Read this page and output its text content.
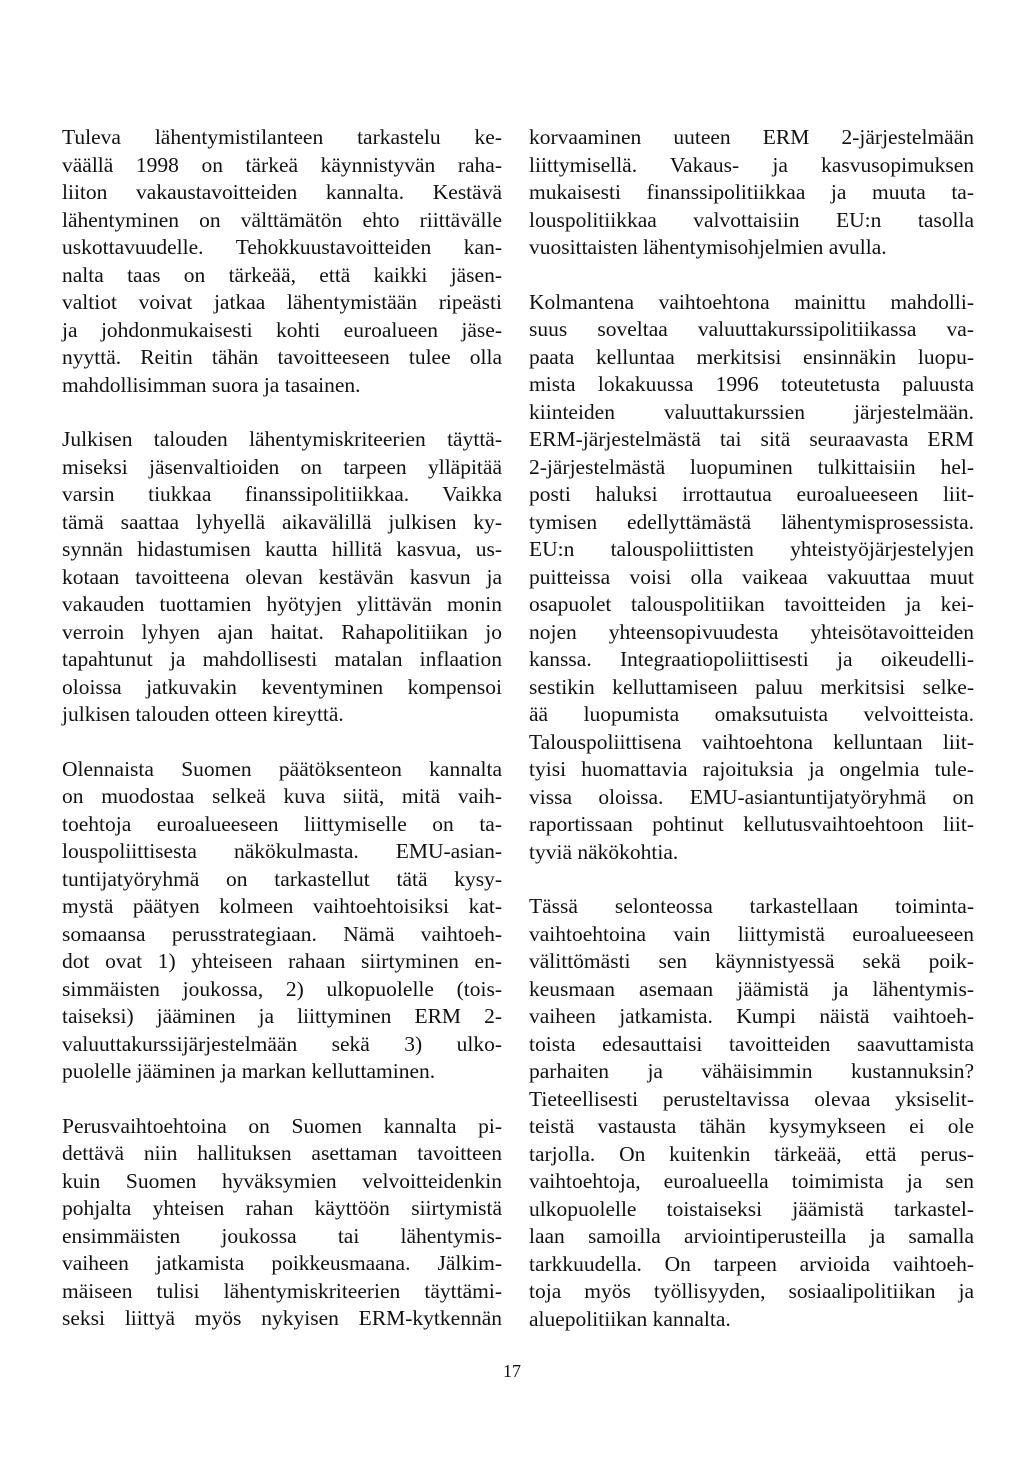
Tuleva lähentymistilanteen tarkastelu ke-
väällä 1998 on tärkeä käynnistyvän raha-
liiton vakaustavoitteiden kannalta. Kestävä
lähentyminen on välttämätön ehto riittävälle
uskottavuudelle. Tehokkuustavoitteiden kan-
nalta taas on tärkeää, että kaikki jäsen-
valtiot voivat jatkaa lähentymistään ripeästi
ja johdonmukaisesti kohti euroalueen jäse-
nyyttä. Reitin tähän tavoitteeseen tulee olla
mahdollisimman suora ja tasainen.
Julkisen talouden lähentymiskriteerien täyttä-
miseksi jäsenvaltioiden on tarpeen ylläpitää
varsin tiukkaa finanssipolitiikkaa. Vaikka
tämä saattaa lyhyellä aikavälillä julkisen ky-
synnän hidastumisen kautta hillitä kasvua, us-
kotaan tavoitteena olevan kestävän kasvun ja
vakauden tuottamien hyötyjen ylittävän monin
verroin lyhyen ajan haitat. Rahapolitiikan jo
tapahtunut ja mahdollisesti matalan inflaation
oloissa jatkuvakin keventyminen kompensoi
julkisen talouden otteen kireyttä.
Olennaista Suomen päätöksenteon kannalta
on muodostaa selkeä kuva siitä, mitä vaih-
toehtoja euroalueeseen liittymiselle on ta-
louspoliittisesta näkökulmasta. EMU-asian-
tuntijatyöryhmä on tarkastellut tätä kysy-
mystä päätyen kolmeen vaihtoehtoisiksi kat-
somaansa perusstrategiaan. Nämä vaihtoeh-
dot ovat 1) yhteiseen rahaan siirtyminen en-
simmäisten joukossa, 2) ulkopuolelle (tois-
taiseksi) jääminen ja liittyminen ERM 2-
valuuttakurssijärjestelmään sekä 3) ulko-
puolelle jääminen ja markan kelluttaminen.
Perusvaihtoehtoina on Suomen kannalta pi-
dettävä niin hallituksen asettaman tavoitteen
kuin Suomen hyväksymien velvoitteidenkin
pohjalta yhteisen rahan käyttöön siirtymistä
ensimmäisten joukossa tai lähentymis-
vaiheen jatkamista poikkeusmaana. Jälkim-
mäiseen tulisi lähentymiskriteerien täyttämi-
seksi liittyä myös nykyisen ERM-kytkennän
korvaaminen uuteen ERM 2-järjestelmään
liittymisellä. Vakaus- ja kasvusopimuksen
mukaisesti finanssipolitiikkaa ja muuta ta-
louspolitiikkaa valvottaisiin EU:n tasolla
vuosittaisten lähentymisohjelmien avulla.
Kolmantena vaihtoehtona mainittu mahdolli-
suus soveltaa valuuttakurssipolitiikassa va-
paata kelluntaa merkitsisi ensinnäkin luopu-
mista lokakuussa 1996 toteutetusta paluusta
kiinteiden valuuttakurssien järjestelmään.
ERM-järjestelmästä tai sitä seuraavasta ERM
2-järjestelmästä luopuminen tulkittaisiin hel-
posti haluksi irrottautua euroalueeseen liit-
tymisen edellyttämästä lähentymisprosessista.
EU:n talouspoliittisten yhteistyöjärjestelyjen
puitteissa voisi olla vaikeaa vakuuttaa muut
osapuolet talouspolitiikan tavoitteiden ja kei-
nojen yhteensopivuudesta yhteisötavoitteiden
kanssa. Integraatiopoliittisesti ja oikeudelli-
sestikin kelluttamiseen paluu merkitsisi selke-
ää luopumista omaksutuista velvoitteista.
Talouspoliittisena vaihtoehtona kelluntaan liit-
tyisi huomattavia rajoituksia ja ongelmia tule-
vissa oloissa. EMU-asiantuntijatyöryhmä on
raportissaan pohtinut kellutusvaihtoehtoon liit-
tyviä näkökohtia.
Tässä selonteossa tarkastellaan toiminta-
vaihtoehtoina vain liittymistä euroalueeseen
välittömästi sen käynnistyessä sekä poik-
keusmaan asemaan jäämistä ja lähentymis-
vaiheen jatkamista. Kumpi näistä vaihtoeh-
toista edesauttaisi tavoitteiden saavuttamista
parhaiten ja vähäisimmin kustannuksin?
Tieteellisesti perusteltavissa olevaa yksiselit-
teistä vastausta tähän kysymykseen ei ole
tarjolla. On kuitenkin tärkeää, että perus-
vaihtoehtoja, euroalueella toimimista ja sen
ulkopuolelle toistaiseksi jäämistä tarkastel-
laan samoilla arviointiperusteilla ja samalla
tarkkuudella. On tarpeen arvioida vaihtoeh-
toja myös työllisyyden, sosiaalipolitiikan ja
aluepolitiikan kannalta.
17
